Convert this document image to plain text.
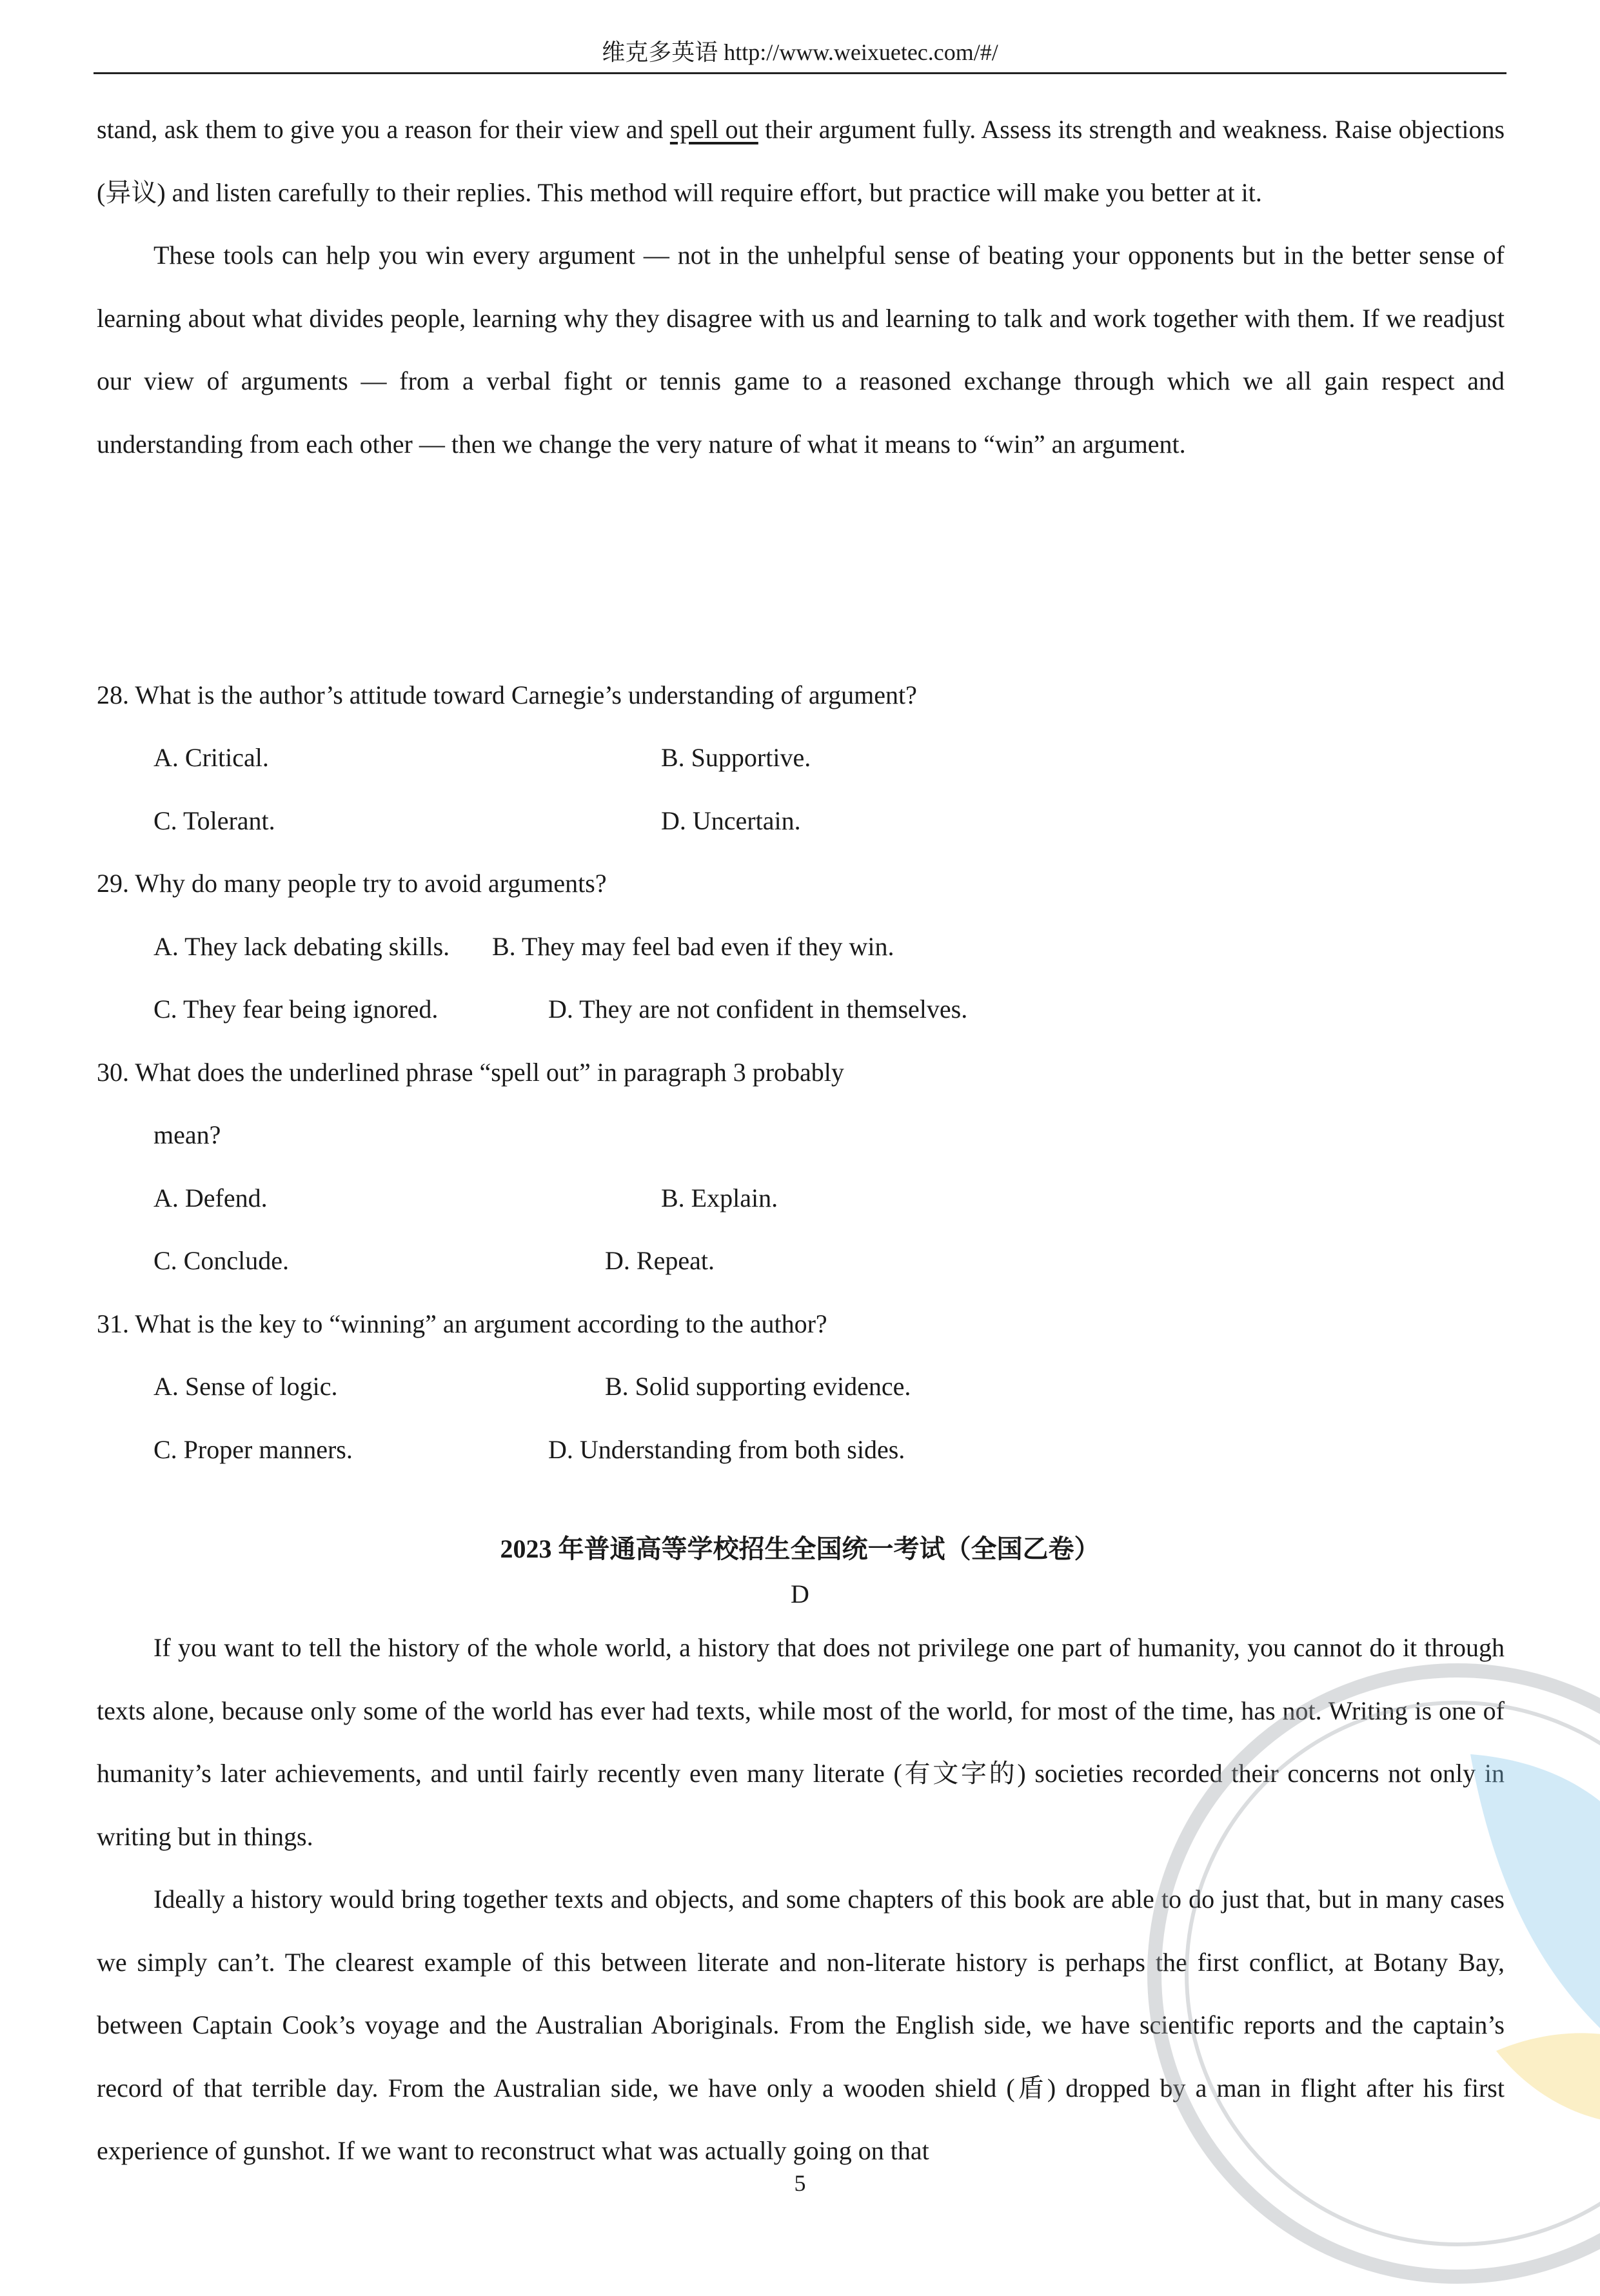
维克多英语 http://www.weixuetec.com/#/

stand, ask them to give you a reason for their view and spell out their argument fully. Assess its strength and weakness. Raise objections (异议) and listen carefully to their replies. This method will require effort, but practice will make you better at it.

These tools can help you win every argument — not in the unhelpful sense of beating your opponents but in the better sense of learning about what divides people, learning why they disagree with us and learning to talk and work together with them. If we readjust our view of arguments — from a verbal fight or tennis game to a reasoned exchange through which we all gain respect and understanding from each other — then we change the very nature of what it means to “win” an argument.

28. What is the author’s attitude toward Carnegie’s understanding of argument?
A. Critical.	B. Supportive.
C. Tolerant.	D. Uncertain.
29. Why do many people try to avoid arguments?
A. They lack debating skills. B. They may feel bad even if they win.
C. They fear being ignored.	D. They are not confident in themselves.
30. What does the underlined phrase “spell out” in paragraph 3 probably
mean?
A. Defend.	B. Explain.
C. Conclude.	D. Repeat.
31. What is the key to “winning” an argument according to the author?
A. Sense of logic.	B. Solid supporting evidence.
C. Proper manners.	D. Understanding from both sides.
2023 年普通高等学校招生全国统一考试（全国乙卷）
D

If you want to tell the history of the whole world, a history that does not privilege one part of humanity, you cannot do it through texts alone, because only some of the world has ever had texts, while most of the world, for most of the time, has not. Writing is one of humanity’s later achievements, and until fairly recently even many literate (有文字的) societies recorded their concerns not only in writing but in things.

Ideally a history would bring together texts and objects, and some chapters of this book are able to do just that, but in many cases we simply can’t. The clearest example of this between literate and non-literate history is perhaps the first conflict, at Botany Bay, between Captain Cook’s voyage and the Australian Aboriginals. From the English side, we have scientific reports and the captain’s record of that terrible day. From the Australian side, we have only a wooden shield (盾) dropped by a man in flight after his first experience of gunshot. If we want to reconstruct what was actually going on that

5
